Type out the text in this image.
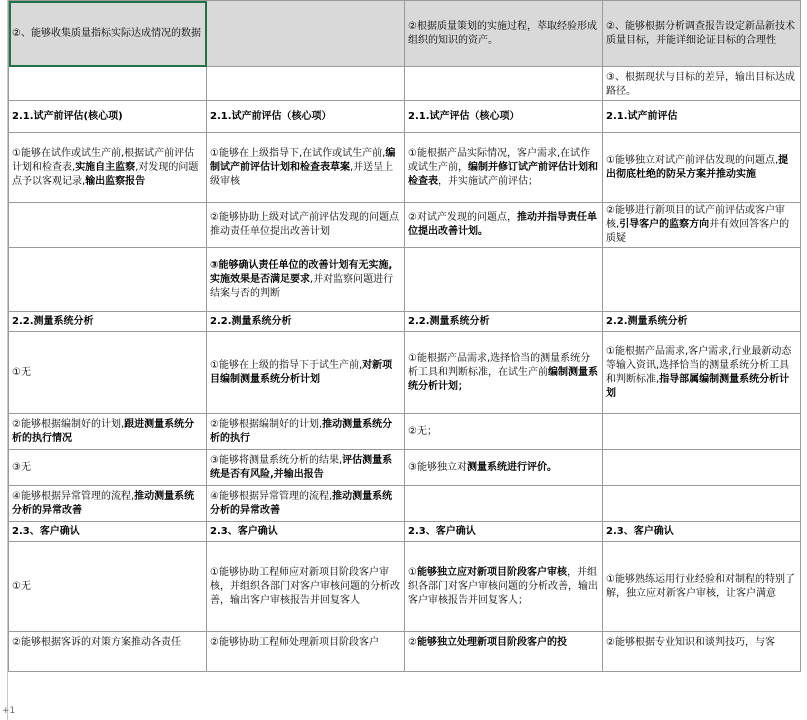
②、能够收集质量指标实际达成情况的数据		②根据质量策划的实施过程，萃取经验形成组织的知识的资产。	②、能够根据分析调查报告设定新品新技术质量目标，并能详细论证目标的合理性
			③、根据现状与目标的差异，输出目标达成路径。
2.1.试产前评估(核心项)	2.1.试产前评估（核心项）	2.1.试产评估（核心项）	2.1.试产前评估
①能够在试作或试生产前,根据试产前评估计划和检查表,实施自主监察,对发现的问题点予以客观记录,输出监察报告	①能够在上级指导下,在试作或试生产前,编制试产前评估计划和检查表草案,并送呈上级审核	①能根据产品实际情况，客户需求,在试作或试生产前，编制并修订试产前评估计划和检查表，并实施试产前评估；	①能够独立对试产前评估发现的问题点,提出彻底杜绝的防呆方案并推动实施
	②能够协助上级对试产前评估发现的问题点推动责任单位提出改善计划	②对试产发现的问题点，推动并指导责任单位提出改善计划。	②能够进行新项目的试产前评估或客户审核,引导客户的监察方向并有效回答客户的质疑
	③能够确认责任单位的改善计划有无实施,实施效果是否满足要求,并对监察问题进行结案与否的判断		
2.2.测量系统分析	2.2.测量系统分析	2.2.测量系统分析	2.2.测量系统分析
①无	①能够在上级的指导下于试生产前,对新项目编制测量系统分析计划	①能根据产品需求,选择恰当的测量系统分析工具和判断标准，在试生产前编制测量系统分析计划；	①能根据产品需求,客户需求,行业最新动态等输入资讯,选择恰当的测量系统分析工具和判断标准,指导部属编制测量系统分析计划
②能够根据编制好的计划,跟进测量系统分析的执行情况	②能够根据编制好的计划,推动测量系统分析的执行	②无；	
③无	③能够将测量系统分析的结果,评估测量系统是否有风险,并输出报告	③能够独立对测量系统进行评价。	
④能够根据异常管理的流程,推动测量系统分析的异常改善	④能够根据异常管理的流程,推动测量系统分析的异常改善		
2.3、客户确认	2.3、客户确认	2.3、客户确认	2.3、客户确认
①无	①能够协助工程师应对新项目阶段客户审核，并组织各部门对客户审核问题的分析改善，输出客户审核报告并回复客人	①能够独立应对新项目阶段客户审核，并组织各部门对客户审核问题的分析改善，输出客户审核报告并回复客人；	①能够熟练运用行业经验和对制程的特别了解，独立应对新客户审核，让客户满意
②能够根据客诉的对策方案推动各责任	②能够协助工程师处理新项目阶段客户	②能够独立处理新项目阶段客户的投	②能够根据专业知识和谈判技巧，与客
+1
